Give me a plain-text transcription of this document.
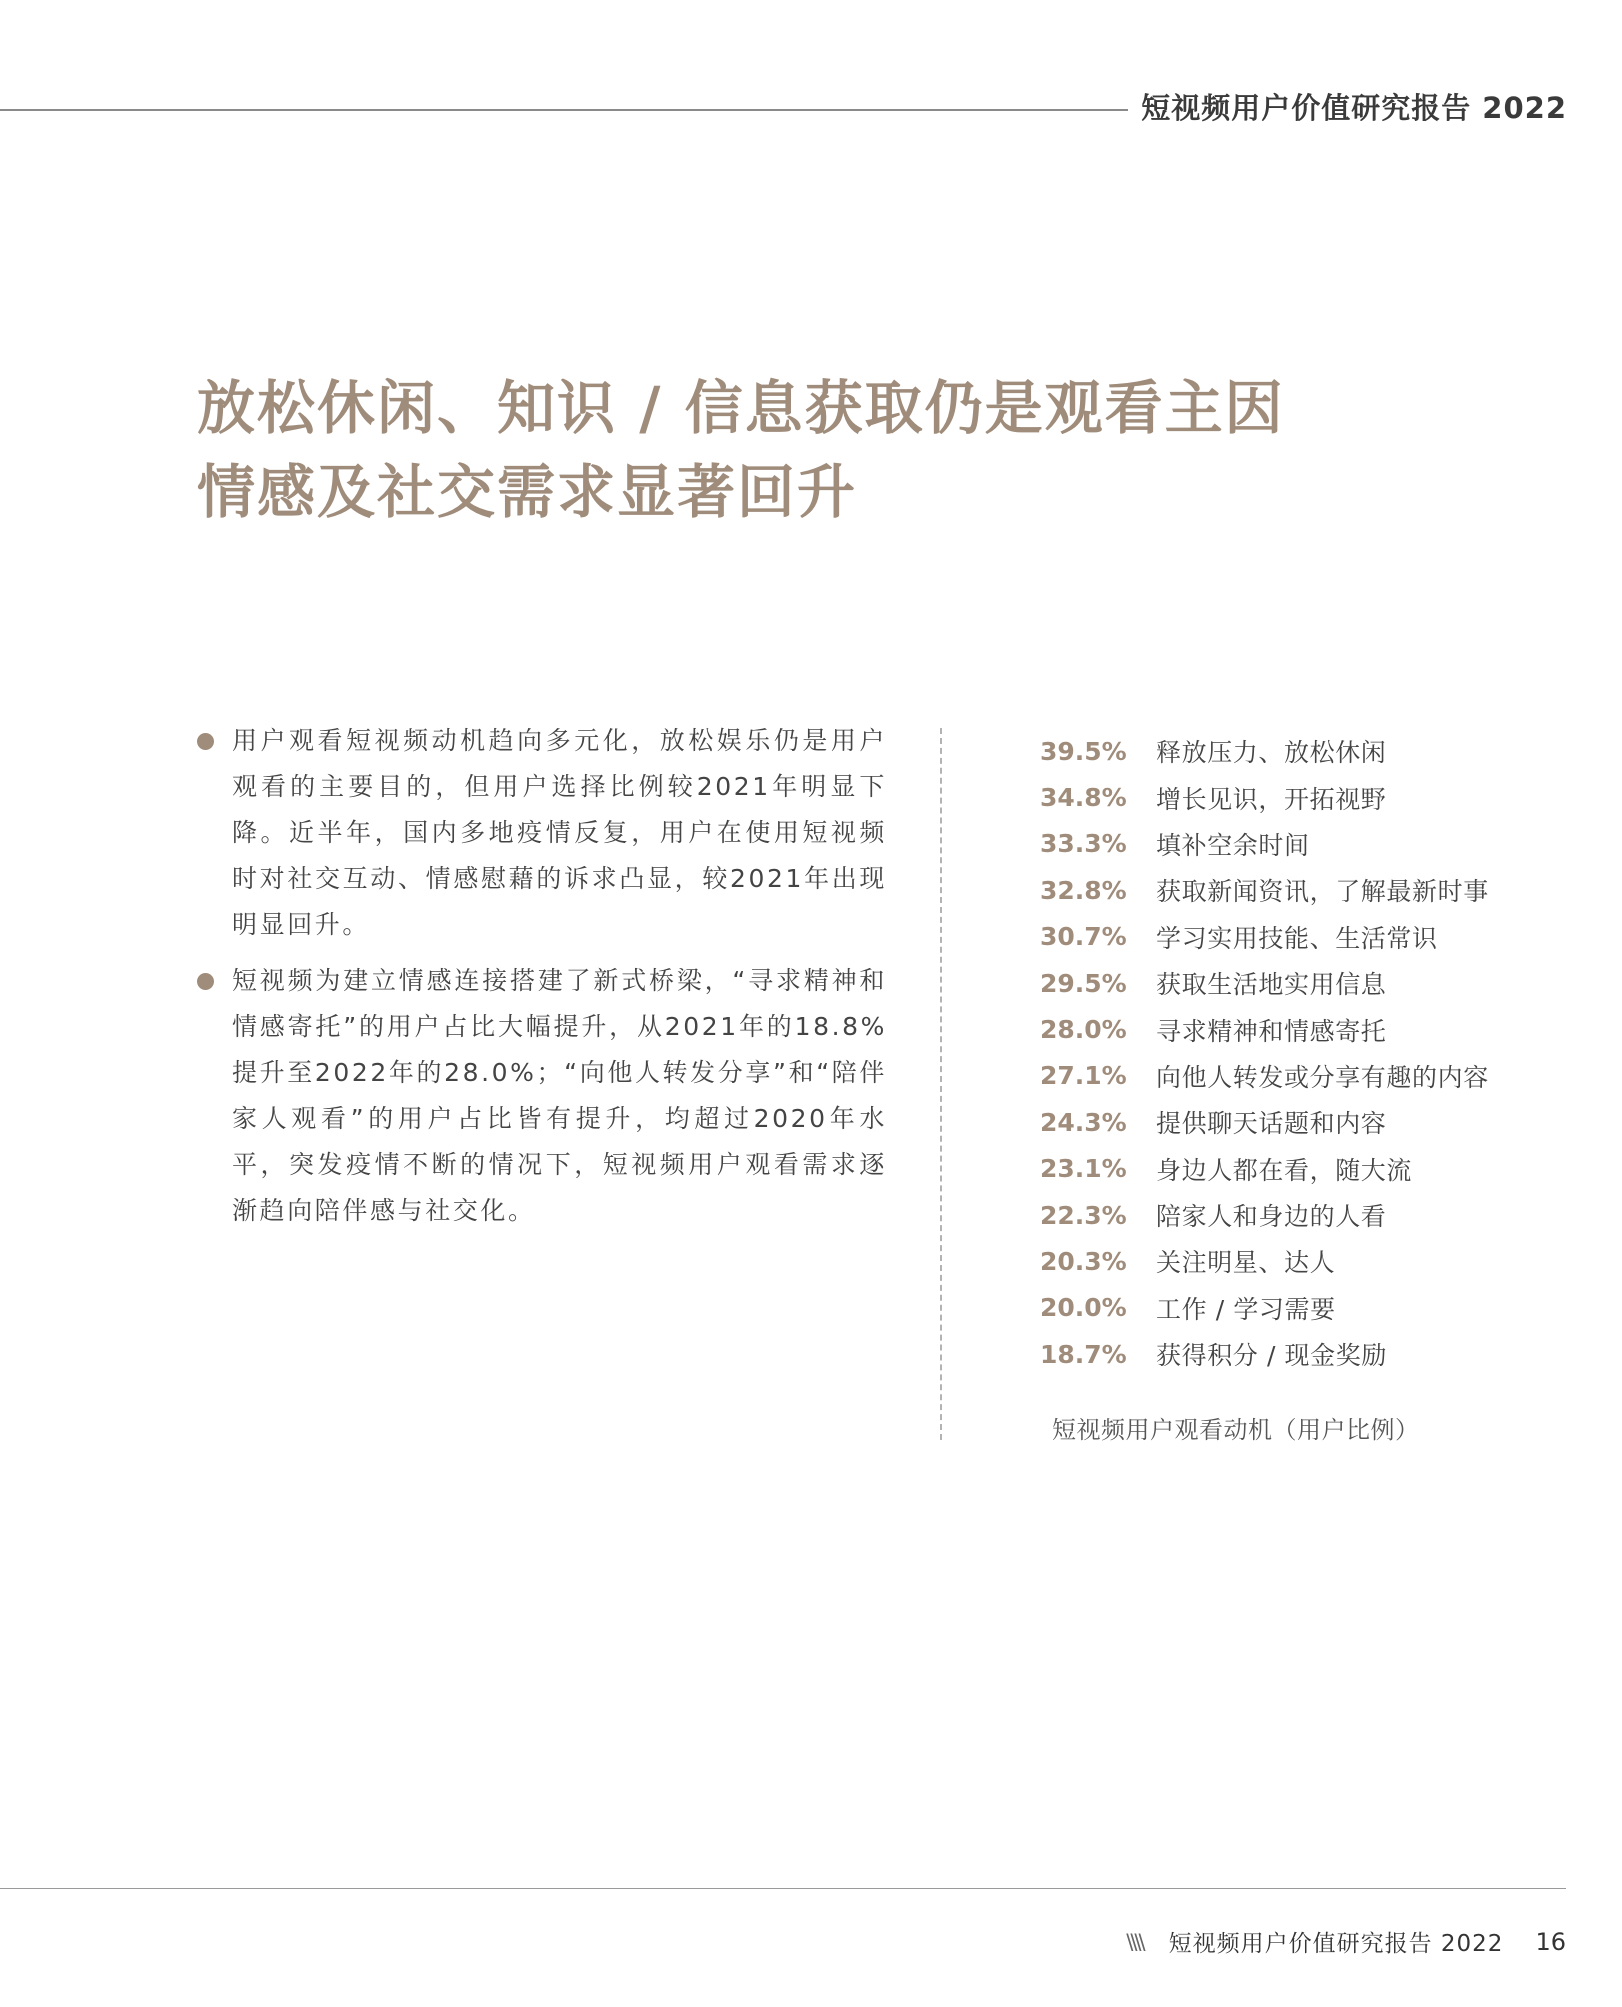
短视频用户价值研究报告 2022
放松休闲、知识 / 信息获取仍是观看主因
情感及社交需求显著回升
用户观看短视频动机趋向多元化，放松娱乐仍是用户观看的主要目的，但用户选择比例较2021年明显下降。近半年，国内多地疫情反复，用户在使用短视频时对社交互动、情感慰藉的诉求凸显，较2021年出现明显回升。
短视频为建立情感连接搭建了新式桥梁，“寻求精神和情感寄托”的用户占比大幅提升，从2021年的18.8%提升至2022年的28.0%；“向他人转发分享”和“陪伴家人观看”的用户占比皆有提升，均超过2020年水平，突发疫情不断的情况下，短视频用户观看需求逐渐趋向陪伴感与社交化。
39.5%	释放压力、放松休闲
34.8%	增长见识，开拓视野
33.3%	填补空余时间
32.8%	获取新闻资讯，了解最新时事
30.7%	学习实用技能、生活常识
29.5%	获取生活地实用信息
28.0%	寻求精神和情感寄托
27.1%	向他人转发或分享有趣的内容
24.3%	提供聊天话题和内容
23.1%	身边人都在看，随大流
22.3%	陪家人和身边的人看
20.3%	关注明星、达人
20.0%	工作 / 学习需要
18.7%	获得积分 / 现金奖励
短视频用户观看动机（用户比例）
\\\\ 短视频用户价值研究报告 2022 16
